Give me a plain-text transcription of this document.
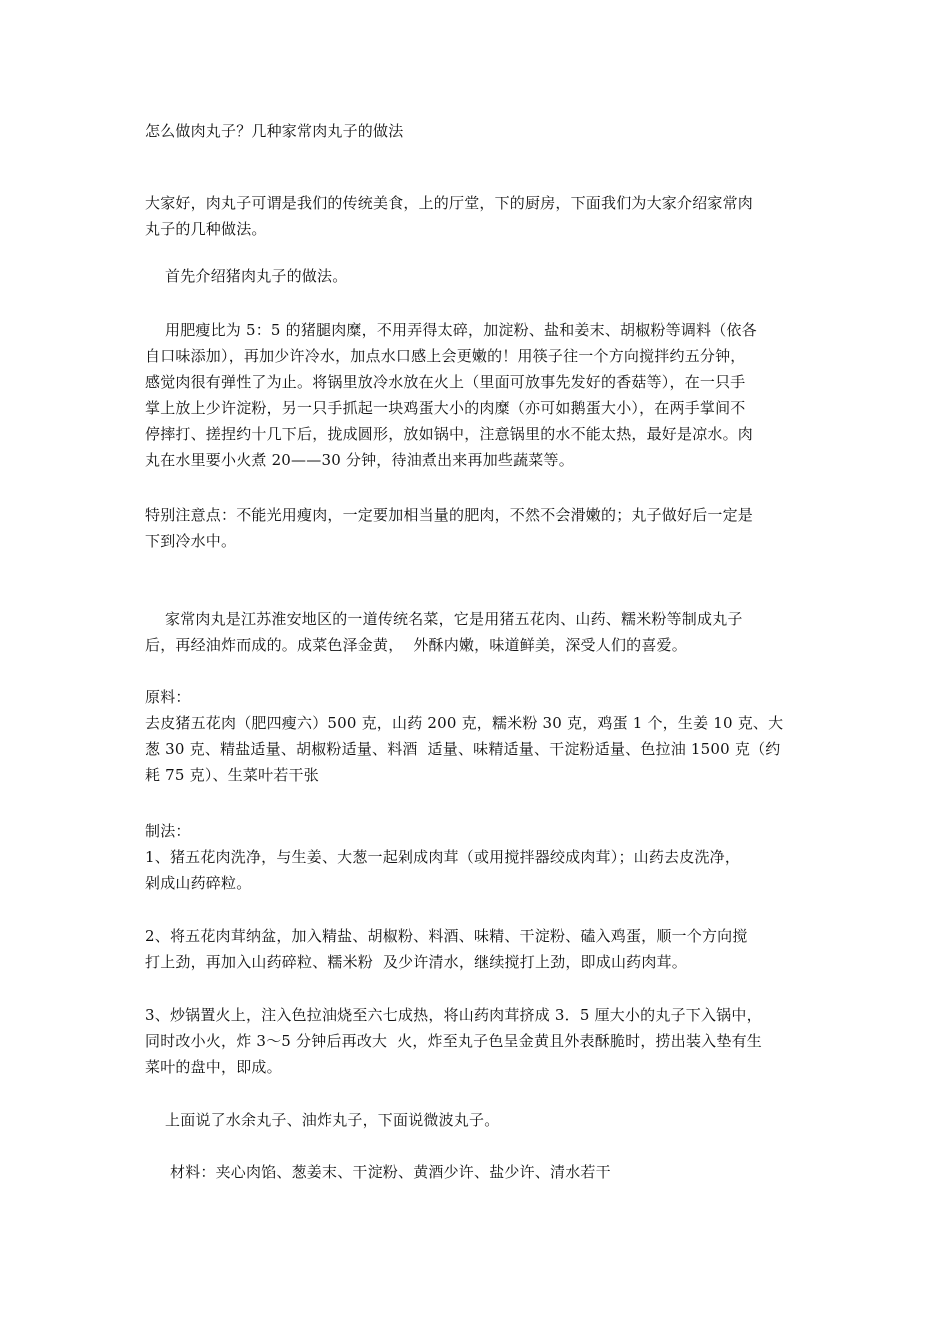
怎么做肉丸子？几种家常肉丸子的做法
大家好，肉丸子可谓是我们的传统美食，上的厅堂，下的厨房，下面我们为大家介绍家常肉
丸子的几种做法。
首先介绍猪肉丸子的做法。
用肥瘦比为 5：5 的猪腿肉糜，不用弄得太碎，加淀粉、盐和姜末、胡椒粉等调料（依各
自口味添加），再加少许冷水，加点水口感上会更嫩的！用筷子往一个方向搅拌约五分钟，
感觉肉很有弹性了为止。将锅里放冷水放在火上（里面可放事先发好的香菇等），在一只手
掌上放上少许淀粉，另一只手抓起一块鸡蛋大小的肉糜（亦可如鹅蛋大小），在两手掌间不
停摔打、搓捏约十几下后，拢成圆形，放如锅中，注意锅里的水不能太热，最好是凉水。肉
丸在水里要小火煮 20——30 分钟，待油煮出来再加些蔬菜等。
特别注意点：不能光用瘦肉，一定要加相当量的肥肉，不然不会滑嫩的；丸子做好后一定是
下到冷水中。
家常肉丸是江苏淮安地区的一道传统名菜，它是用猪五花肉、山药、糯米粉等制成丸子
后，再经油炸而成的。成菜色泽金黄，  外酥内嫩，味道鲜美，深受人们的喜爱。
原料：
去皮猪五花肉（肥四瘦六）500 克，山药 200 克，糯米粉 30 克，鸡蛋 1 个，生姜 10 克、大
葱 30 克、精盐适量、胡椒粉适量、料酒  适量、味精适量、干淀粉适量、色拉油 1500 克（约
耗 75 克）、生菜叶若干张
制法：
1、猪五花肉洗净，与生姜、大葱一起剁成肉茸（或用搅拌器绞成肉茸）；山药去皮洗净，
剁成山药碎粒。
2、将五花肉茸纳盆，加入精盐、胡椒粉、料酒、味精、干淀粉、磕入鸡蛋，顺一个方向搅
打上劲，再加入山药碎粒、糯米粉  及少许清水，继续搅打上劲，即成山药肉茸。
3、炒锅置火上，注入色拉油烧至六七成热，将山药肉茸挤成 3．5 厘大小的丸子下入锅中，
同时改小火，炸 3～5 分钟后再改大  火，炸至丸子色呈金黄且外表酥脆时，捞出装入垫有生
菜叶的盘中，即成。
上面说了水余丸子、油炸丸子，下面说微波丸子。
材料：夹心肉馅、葱姜末、干淀粉、黄酒少许、盐少许、清水若干
